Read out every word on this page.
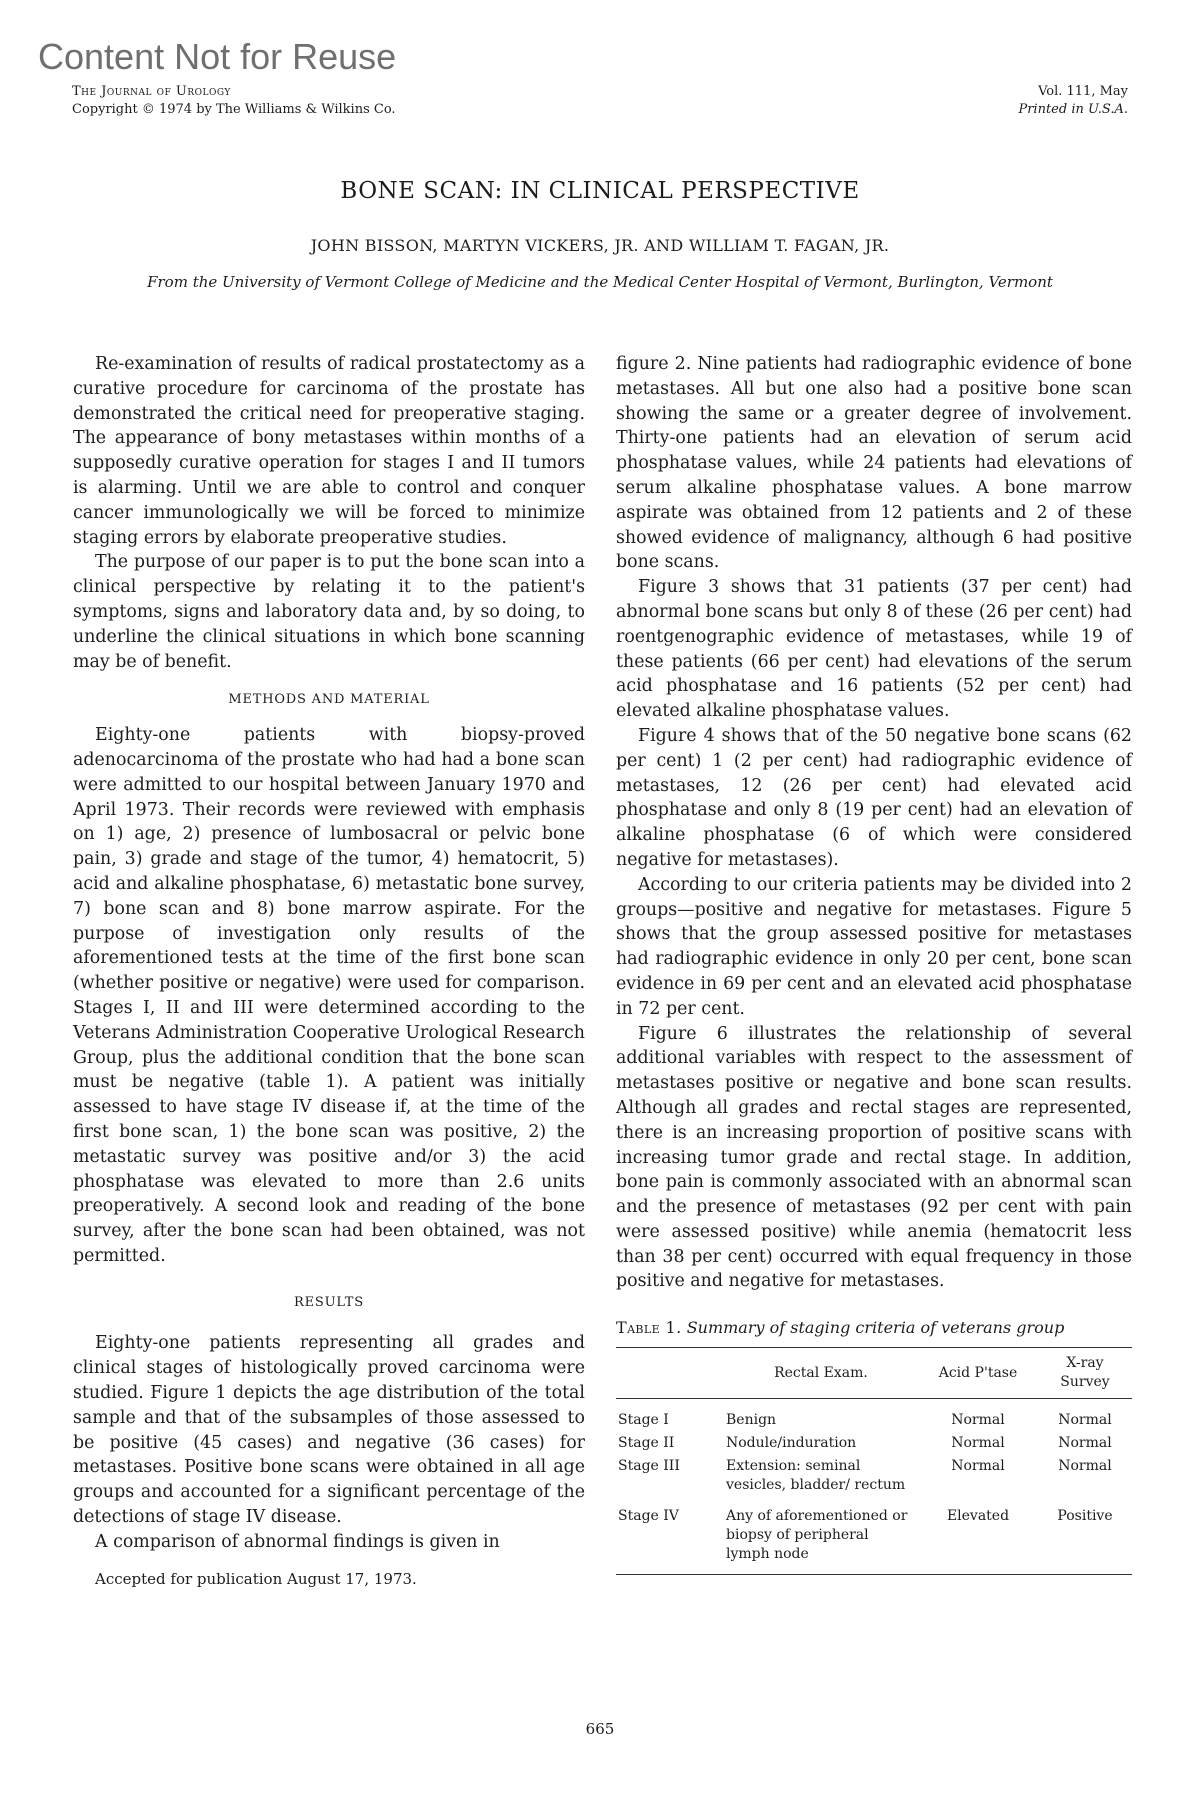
Content Not for Reuse
The Journal of Urology
Copyright © 1974 by The Williams & Wilkins Co.
Vol. 111, May
Printed in U.S.A.
BONE SCAN: IN CLINICAL PERSPECTIVE
JOHN BISSON, MARTYN VICKERS, JR. AND WILLIAM T. FAGAN, JR.
From the University of Vermont College of Medicine and the Medical Center Hospital of Vermont, Burlington, Vermont

Re-examination of results of radical prostatectomy as a curative procedure for carcinoma of the prostate has demonstrated the critical need for preoperative staging. The appearance of bony metastases within months of a supposedly curative operation for stages I and II tumors is alarming. Until we are able to control and conquer cancer immunologically we will be forced to minimize staging errors by elaborate preoperative studies.

The purpose of our paper is to put the bone scan into a clinical perspective by relating it to the patient's symptoms, signs and laboratory data and, by so doing, to underline the clinical situations in which bone scanning may be of benefit.

METHODS AND MATERIAL

Eighty-one patients with biopsy-proved adenocarcinoma of the prostate who had had a bone scan were admitted to our hospital between January 1970 and April 1973. Their records were reviewed with emphasis on 1) age, 2) presence of lumbosacral or pelvic bone pain, 3) grade and stage of the tumor, 4) hematocrit, 5) acid and alkaline phosphatase, 6) metastatic bone survey, 7) bone scan and 8) bone marrow aspirate. For the purpose of investigation only results of the aforementioned tests at the time of the first bone scan (whether positive or negative) were used for comparison. Stages I, II and III were determined according to the Veterans Administration Cooperative Urological Research Group, plus the additional condition that the bone scan must be negative (table 1). A patient was initially assessed to have stage IV disease if, at the time of the first bone scan, 1) the bone scan was positive, 2) the metastatic survey was positive and/or 3) the acid phosphatase was elevated to more than 2.6 units preoperatively. A second look and reading of the bone survey, after the bone scan had been obtained, was not permitted.

RESULTS

Eighty-one patients representing all grades and clinical stages of histologically proved carcinoma were studied. Figure 1 depicts the age distribution of the total sample and that of the subsamples of those assessed to be positive (45 cases) and negative (36 cases) for metastases. Positive bone scans were obtained in all age groups and accounted for a significant percentage of the detections of stage IV disease.

A comparison of abnormal findings is given in

Accepted for publication August 17, 1973.

figure 2. Nine patients had radiographic evidence of bone metastases. All but one also had a positive bone scan showing the same or a greater degree of involvement. Thirty-one patients had an elevation of serum acid phosphatase values, while 24 patients had elevations of serum alkaline phosphatase values. A bone marrow aspirate was obtained from 12 patients and 2 of these showed evidence of malignancy, although 6 had positive bone scans.

Figure 3 shows that 31 patients (37 per cent) had abnormal bone scans but only 8 of these (26 per cent) had roentgenographic evidence of metastases, while 19 of these patients (66 per cent) had elevations of the serum acid phosphatase and 16 patients (52 per cent) had elevated alkaline phosphatase values.

Figure 4 shows that of the 50 negative bone scans (62 per cent) 1 (2 per cent) had radiographic evidence of metastases, 12 (26 per cent) had elevated acid phosphatase and only 8 (19 per cent) had an elevation of alkaline phosphatase (6 of which were considered negative for metastases).

According to our criteria patients may be divided into 2 groups—positive and negative for metastases. Figure 5 shows that the group assessed positive for metastases had radiographic evidence in only 20 per cent, bone scan evidence in 69 per cent and an elevated acid phosphatase in 72 per cent.

Figure 6 illustrates the relationship of several additional variables with respect to the assessment of metastases positive or negative and bone scan results. Although all grades and rectal stages are represented, there is an increasing proportion of positive scans with increasing tumor grade and rectal stage. In addition, bone pain is commonly associated with an abnormal scan and the presence of metastases (92 per cent with pain were assessed positive) while anemia (hematocrit less than 38 per cent) occurred with equal frequency in those positive and negative for metastases.

Table 1. Summary of staging criteria of veterans group
	Rectal Exam.	Acid P'tase	X-ray Survey
Stage I	Benign	Normal	Normal
Stage II	Nodule/induration	Normal	Normal
Stage III	Extension: seminal vesicles, bladder/ rectum	Normal	Normal
Stage IV	Any of aforementioned or biopsy of peripheral lymph node	Elevated	Positive
665
